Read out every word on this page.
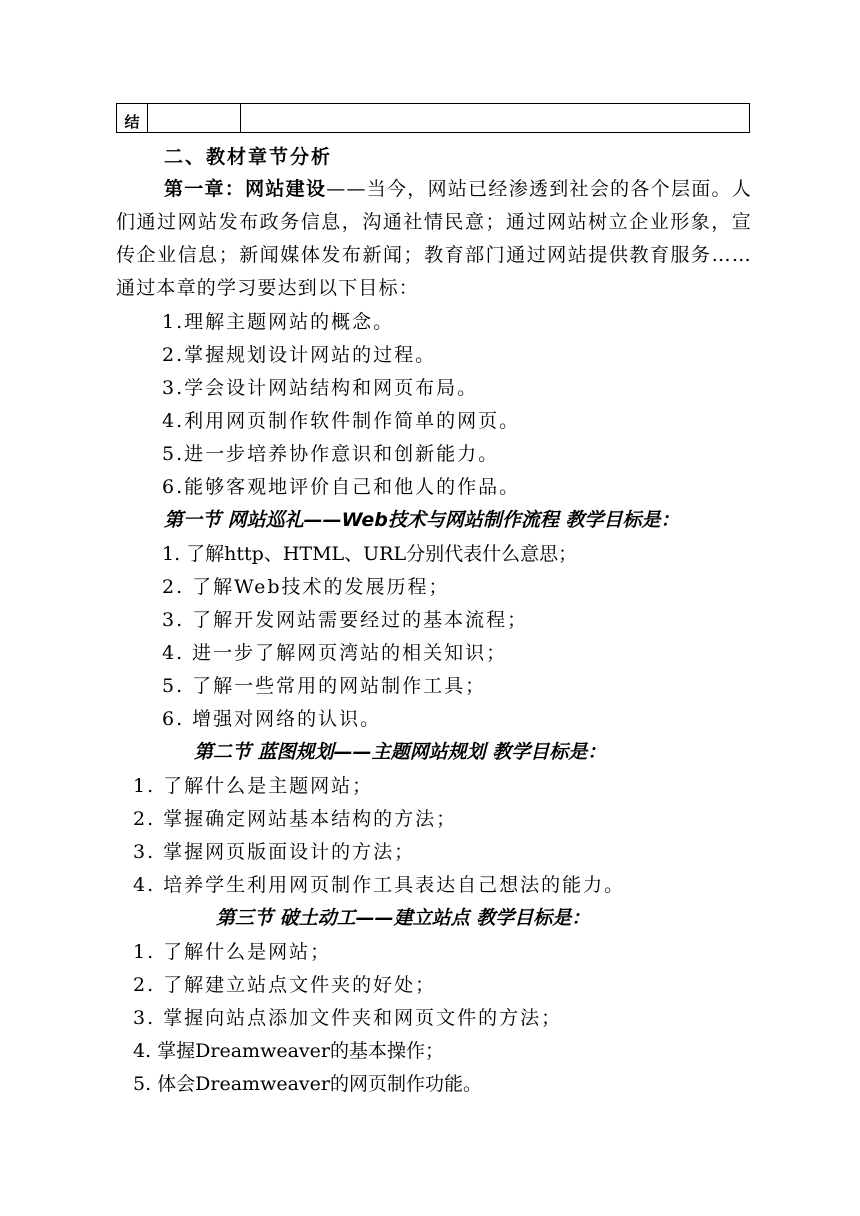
结		
二、教材章节分析
第一章：网站建设——当今，网站已经渗透到社会的各个层面。人们通过网站发布政务信息，沟通社情民意；通过网站树立企业形象，宣传企业信息；新闻媒体发布新闻；教育部门通过网站提供教育服务……通过本章的学习要达到以下目标：
1.理解主题网站的概念。
2.掌握规划设计网站的过程。
3.学会设计网站结构和网页布局。
4.利用网页制作软件制作简单的网页。
5.进一步培养协作意识和创新能力。
6.能够客观地评价自己和他人的作品。
第一节 网站巡礼——Web技术与网站制作流程 教学目标是：
1. 了解http、HTML、URL分别代表什么意思；
2. 了解Web技术的发展历程；
3. 了解开发网站需要经过的基本流程；
4. 进一步了解网页湾站的相关知识；
5. 了解一些常用的网站制作工具；
6. 增强对网络的认识。
第二节 蓝图规划——主题网站规划 教学目标是：
1. 了解什么是主题网站；
2. 掌握确定网站基本结构的方法；
3. 掌握网页版面设计的方法；
4. 培养学生利用网页制作工具表达自己想法的能力。
第三节 破土动工——建立站点 教学目标是：
1. 了解什么是网站；
2. 了解建立站点文件夹的好处；
3. 掌握向站点添加文件夹和网页文件的方法；
4. 掌握Dreamweaver的基本操作；
5. 体会Dreamweaver的网页制作功能。
